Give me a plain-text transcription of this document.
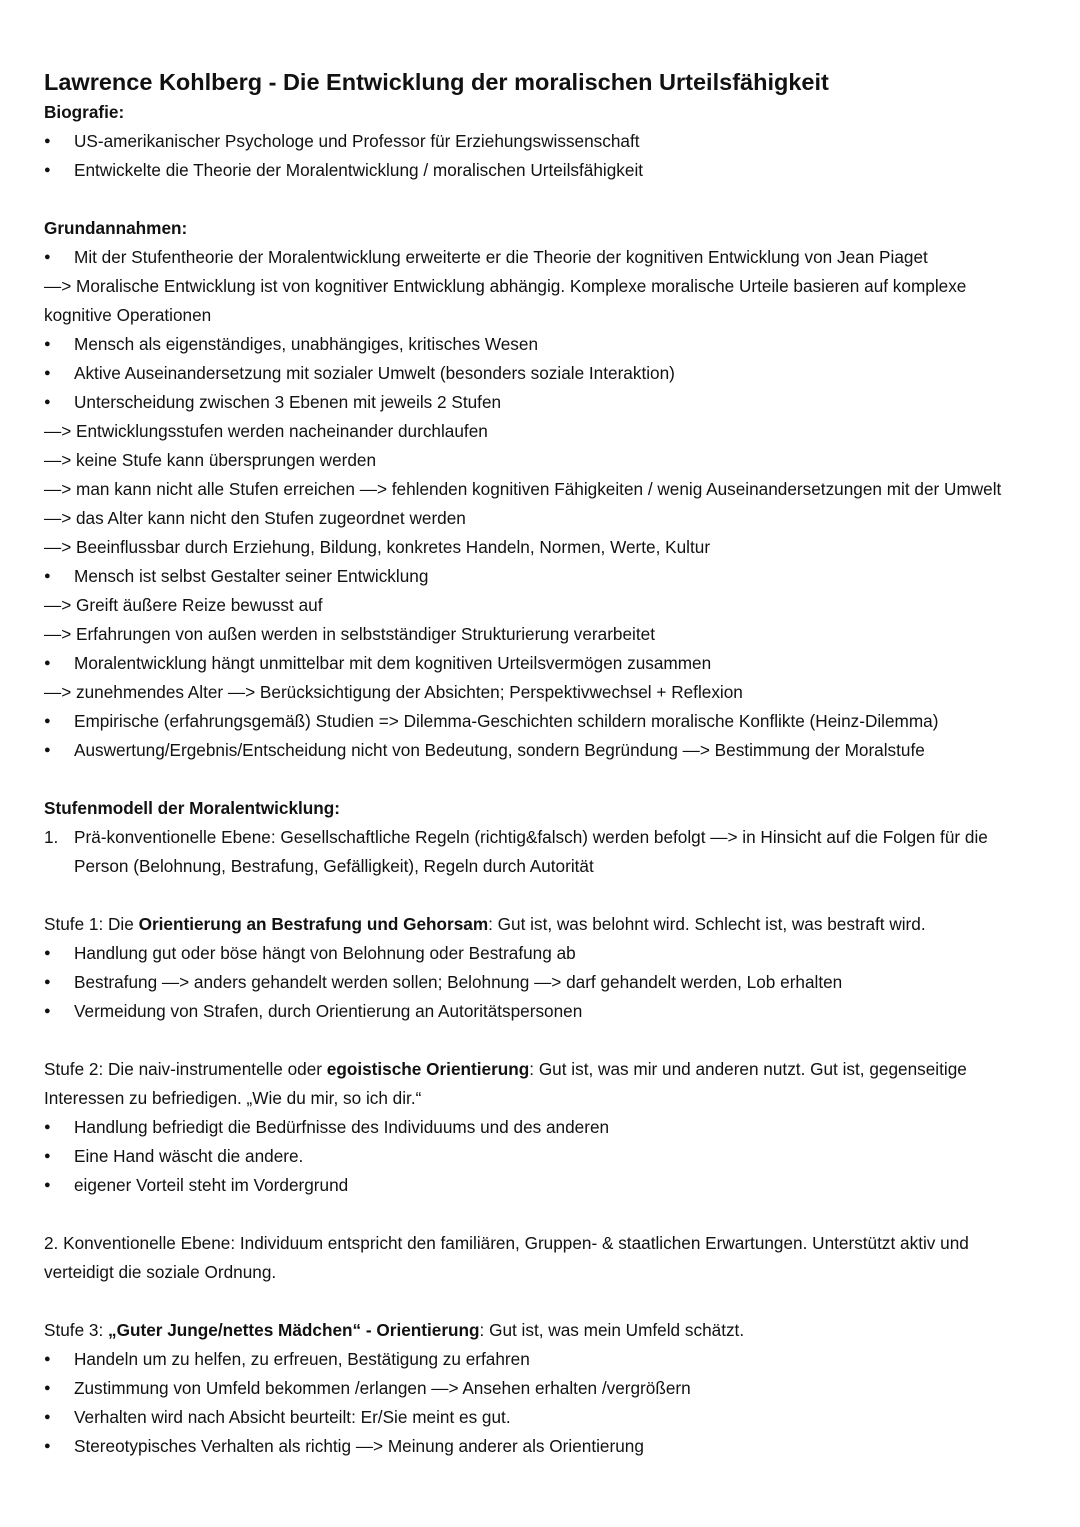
Lawrence Kohlberg - Die Entwicklung der moralischen Urteilsfähigkeit

Biografie:

● US-amerikanischer Psychologe und Professor für Erziehungswissenschaft

● Entwickelte die Theorie der Moralentwicklung / moralischen Urteilsfähigkeit

Grundannahmen:

● Mit der Stufentheorie der Moralentwicklung erweiterte er die Theorie der kognitiven Entwicklung von Jean Piaget

—> Moralische Entwicklung ist von kognitiver Entwicklung abhängig. Komplexe moralische Urteile basieren auf komplexe kognitive Operationen

● Mensch als eigenständiges, unabhängiges, kritisches Wesen

● Aktive Auseinandersetzung mit sozialer Umwelt (besonders soziale Interaktion)

● Unterscheidung zwischen 3 Ebenen mit jeweils 2 Stufen

—> Entwicklungsstufen werden nacheinander durchlaufen

—> keine Stufe kann übersprungen werden

—> man kann nicht alle Stufen erreichen —> fehlenden kognitiven Fähigkeiten / wenig Auseinandersetzungen mit der Umwelt

—> das Alter kann nicht den Stufen zugeordnet werden

—> Beeinflussbar durch Erziehung, Bildung, konkretes Handeln, Normen, Werte, Kultur

● Mensch ist selbst Gestalter seiner Entwicklung

—> Greift äußere Reize bewusst auf

—> Erfahrungen von außen werden in selbstständiger Strukturierung verarbeitet

● Moralentwicklung hängt unmittelbar mit dem kognitiven Urteilsvermögen zusammen

—> zunehmendes Alter —> Berücksichtigung der Absichten; Perspektivwechsel + Reflexion

● Empirische (erfahrungsgemäß) Studien => Dilemma-Geschichten schildern moralische Konflikte (Heinz-Dilemma)

● Auswertung/Ergebnis/Entscheidung nicht von Bedeutung, sondern Begründung —> Bestimmung der Moralstufe

Stufenmodell der Moralentwicklung:

1. Prä-konventionelle Ebene: Gesellschaftliche Regeln (richtig&falsch) werden befolgt —> in Hinsicht auf die Folgen für die Person (Belohnung, Bestrafung, Gefälligkeit), Regeln durch Autorität

Stufe 1: Die Orientierung an Bestrafung und Gehorsam: Gut ist, was belohnt wird. Schlecht ist, was bestraft wird.

● Handlung gut oder böse hängt von Belohnung oder Bestrafung ab

● Bestrafung —> anders gehandelt werden sollen; Belohnung —> darf gehandelt werden, Lob erhalten

● Vermeidung von Strafen, durch Orientierung an Autoritätspersonen

Stufe 2: Die naiv-instrumentelle oder egoistische Orientierung: Gut ist, was mir und anderen nutzt. Gut ist, gegenseitige Interessen zu befriedigen. „Wie du mir, so ich dir.“

● Handlung befriedigt die Bedürfnisse des Individuums und des anderen

● Eine Hand wäscht die andere.

● eigener Vorteil steht im Vordergrund

2. Konventionelle Ebene: Individuum entspricht den familiären, Gruppen- & staatlichen Erwartungen. Unterstützt aktiv und verteidigt die soziale Ordnung.

Stufe 3: „Guter Junge/nettes Mädchen“ - Orientierung: Gut ist, was mein Umfeld schätzt.

● Handeln um zu helfen, zu erfreuen, Bestätigung zu erfahren

● Zustimmung von Umfeld bekommen /erlangen —> Ansehen erhalten /vergrößern

● Verhalten wird nach Absicht beurteilt: Er/Sie meint es gut.

● Stereotypisches Verhalten als richtig —> Meinung anderer als Orientierung
